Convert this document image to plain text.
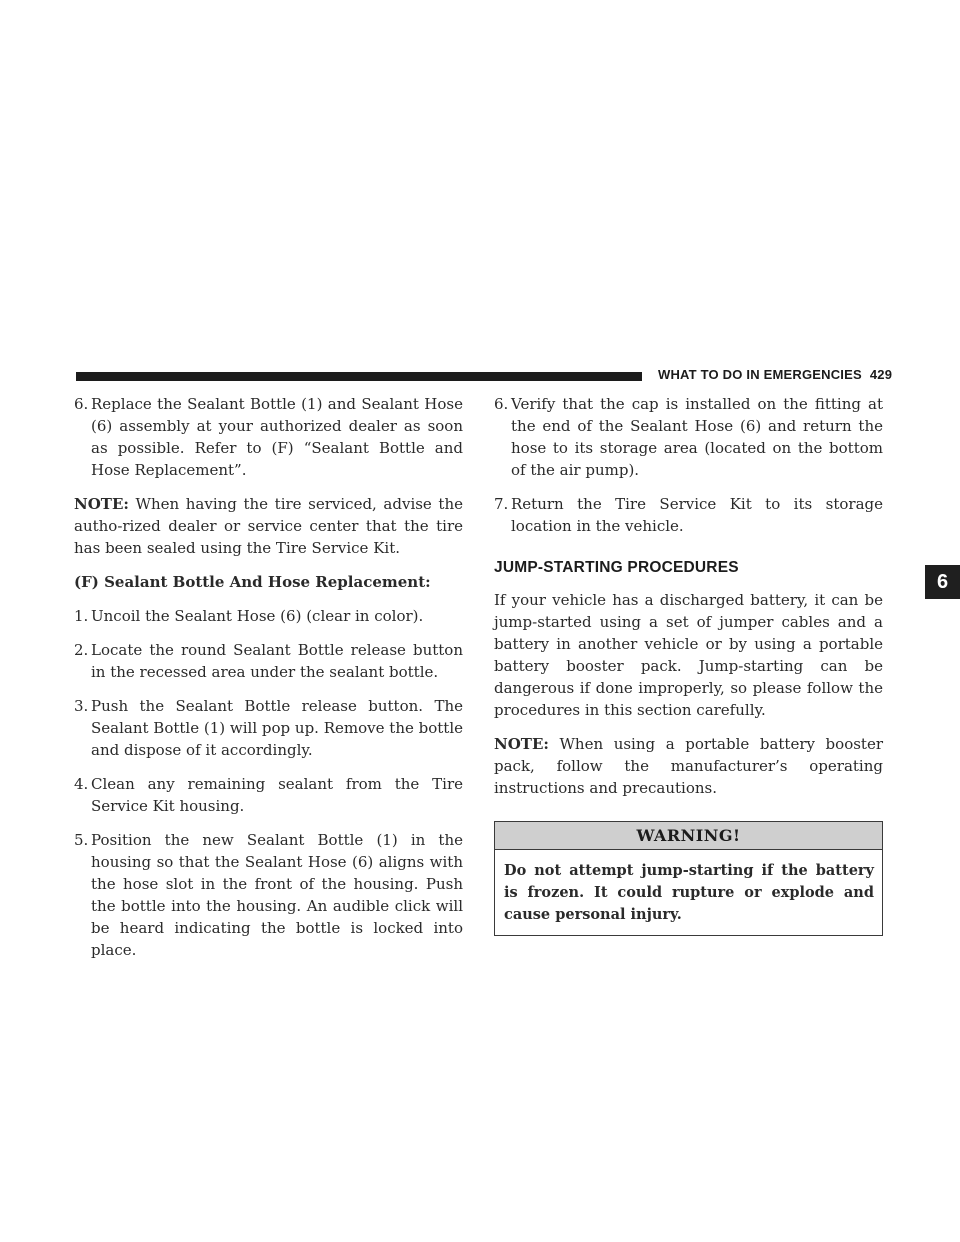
WHAT TO DO IN EMERGENCIES 429
6
6. Replace the Sealant Bottle (1) and Sealant Hose (6) assembly at your authorized dealer as soon as possible. Refer to (F) “Sealant Bottle and Hose Replacement”.

NOTE: When having the tire serviced, advise the autho-rized dealer or service center that the tire has been sealed using the Tire Service Kit.

(F) Sealant Bottle And Hose Replacement:
1. Uncoil the Sealant Hose (6) (clear in color).
2. Locate the round Sealant Bottle release button in the recessed area under the sealant bottle.
3. Push the Sealant Bottle release button. The Sealant Bottle (1) will pop up. Remove the bottle and dispose of it accordingly.
4. Clean any remaining sealant from the Tire Service Kit housing.
5. Position the new Sealant Bottle (1) in the housing so that the Sealant Hose (6) aligns with the hose slot in the front of the housing. Push the bottle into the housing. An audible click will be heard indicating the bottle is locked into place.
6. Verify that the cap is installed on the fitting at the end of the Sealant Hose (6) and return the hose to its storage area (located on the bottom of the air pump).
7. Return the Tire Service Kit to its storage location in the vehicle.
JUMP-STARTING PROCEDURES

If your vehicle has a discharged battery, it can be jump-started using a set of jumper cables and a battery in another vehicle or by using a portable battery booster pack. Jump-starting can be dangerous if done improperly, so please follow the procedures in this section carefully.

NOTE: When using a portable battery booster pack, follow the manufacturer’s operating instructions and precautions.

WARNING!
Do not attempt jump-starting if the battery is frozen. It could rupture or explode and cause personal injury.
